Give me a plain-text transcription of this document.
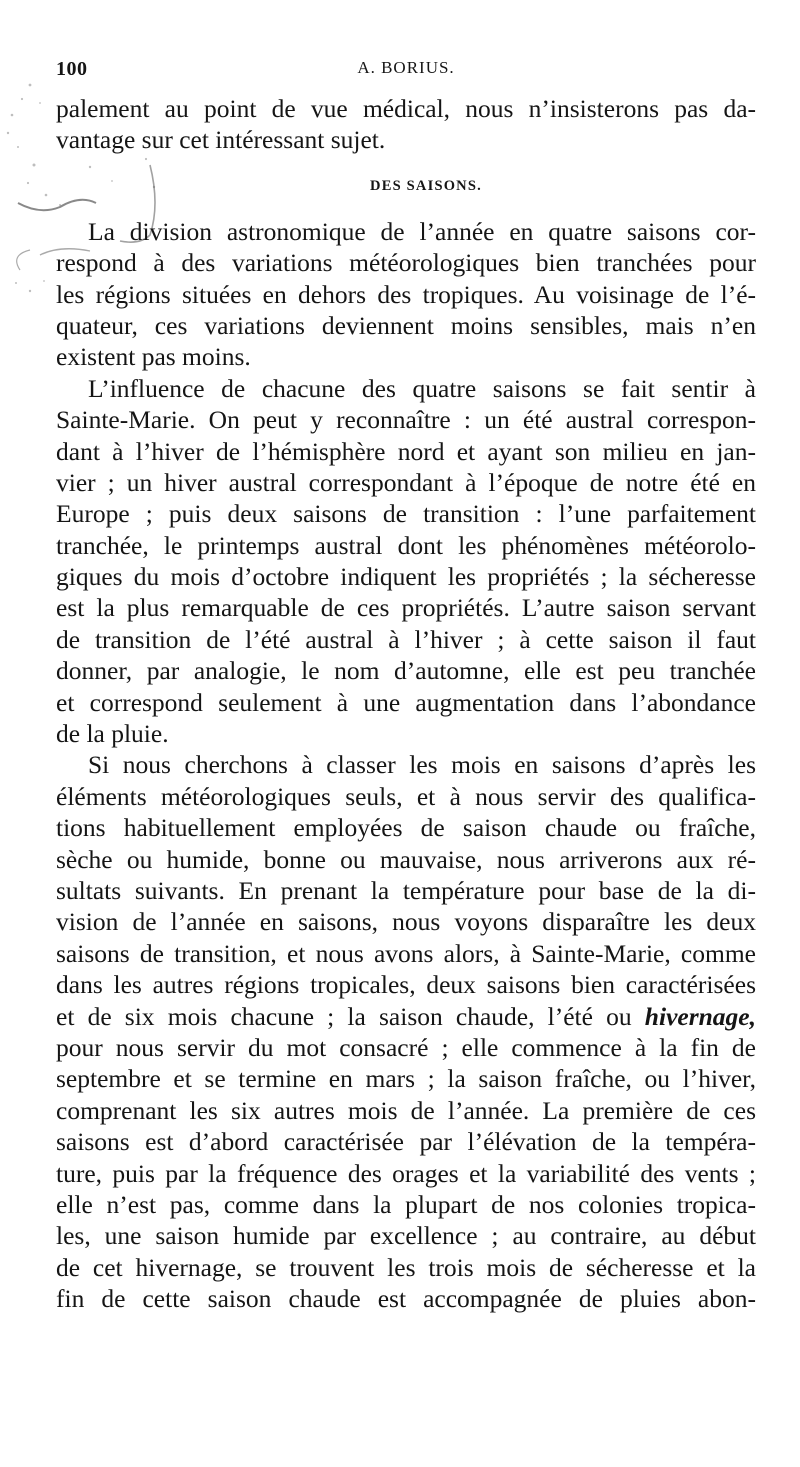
100	A. BORIUS.
palement au point de vue médical, nous n’insisterons pas da-
vantage sur cet intéressant sujet.
DES SAISONS.
La division astronomique de l’année en quatre saisons cor-
respond à des variations météorologiques bien tranchées pour
les régions situées en dehors des tropiques. Au voisinage de l’é-
quateur, ces variations deviennent moins sensibles, mais n’en
existent pas moins.
L’influence de chacune des quatre saisons se fait sentir à
Sainte-Marie. On peut y reconnaître : un été austral correspon-
dant à l’hiver de l’hémisphère nord et ayant son milieu en jan-
vier ; un hiver austral correspondant à l’époque de notre été en
Europe ; puis deux saisons de transition : l’une parfaitement
tranchée, le printemps austral dont les phénomènes météorolo-
giques du mois d’octobre indiquent les propriétés ; la sécheresse
est la plus remarquable de ces propriétés. L’autre saison servant
de transition de l’été austral à l’hiver ; à cette saison il faut
donner, par analogie, le nom d’automne, elle est peu tranchée
et correspond seulement à une augmentation dans l’abondance
de la pluie.
Si nous cherchons à classer les mois en saisons d’après les
éléments météorologiques seuls, et à nous servir des qualifica-
tions habituellement employées de saison chaude ou fraîche,
sèche ou humide, bonne ou mauvaise, nous arriverons aux ré-
sultats suivants. En prenant la température pour base de la di-
vision de l’année en saisons, nous voyons disparaître les deux
saisons de transition, et nous avons alors, à Sainte-Marie, comme
dans les autres régions tropicales, deux saisons bien caractérisées
et de six mois chacune ; la saison chaude, l’été ou hivernage,
pour nous servir du mot consacré ; elle commence à la fin de
septembre et se termine en mars ; la saison fraîche, ou l’hiver,
comprenant les six autres mois de l’année. La première de ces
saisons est d’abord caractérisée par l’élévation de la tempéra-
ture, puis par la fréquence des orages et la variabilité des vents ;
elle n’est pas, comme dans la plupart de nos colonies tropica-
les, une saison humide par excellence ; au contraire, au début
de cet hivernage, se trouvent les trois mois de sécheresse et la
fin de cette saison chaude est accompagnée de pluies abon-
